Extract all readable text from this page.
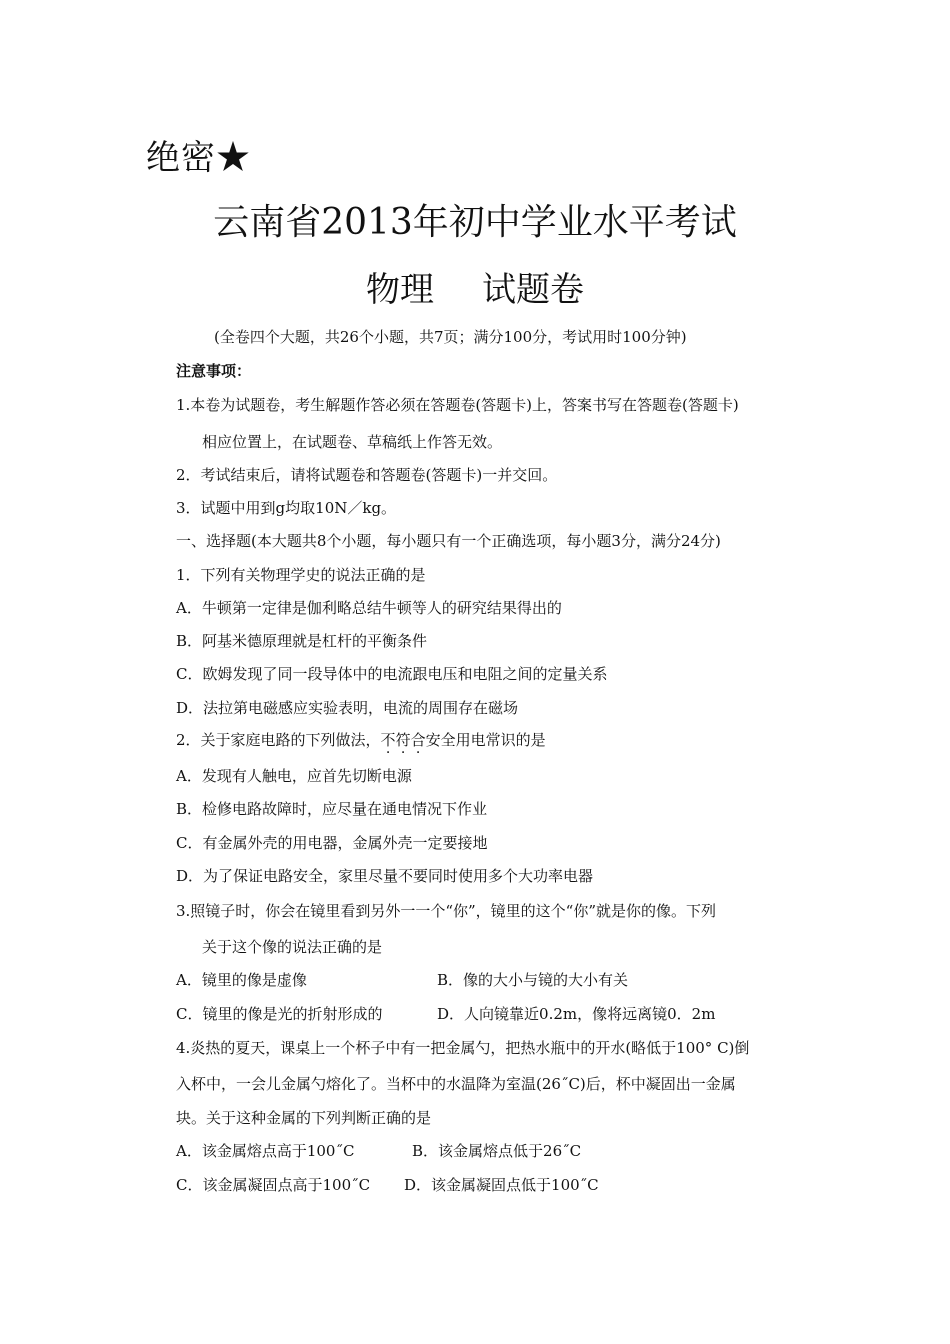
绝密★
云南省2013年初中学业水平考试
物理 试题卷
(全卷四个大题，共26个小题，共7页；满分100分，考试用时100分钟)
注意事项：
1.本卷为试题卷，考生解题作答必须在答题卷(答题卡)上，答案书写在答题卷(答题卡)
相应位置上，在试题卷、草稿纸上作答无效。
2．考试结束后，请将试题卷和答题卷(答题卡)一并交回。
3．试题中用到g均取10N／kg。
一、选择题(本大题共8个小题，每小题只有一个正确选项，每小题3分，满分24分)
1．下列有关物理学史的说法正确的是
A．牛顿第一定律是伽利略总结牛顿等人的研究结果得出的
B．阿基米德原理就是杠杆的平衡条件
C．欧姆发现了同一段导体中的电流跟电压和电阻之间的定量关系
D．法拉第电磁感应实验表明，电流的周围存在磁场
2．关于家庭电路的下列做法，不符合安全用电常识的是
A．发现有人触电，应首先切断电源
B．检修电路故障时，应尽量在通电情况下作业
C．有金属外壳的用电器，金属外壳一定要接地
D．为了保证电路安全，家里尽量不要同时使用多个大功率电器
3.照镜子时，你会在镜里看到另外一一个“你”，镜里的这个“你”就是你的像。下列
关于这个像的说法正确的是
A．镜里的像是虚像	B．像的大小与镜的大小有关
C．镜里的像是光的折射形成的	D．人向镜靠近0.2m，像将远离镜0．2m
4.炎热的夏天，课桌上一个杯子中有一把金属勺，把热水瓶中的开水(略低于100° C)倒
入杯中，一会儿金属勺熔化了。当杯中的水温降为室温(26˝C)后，杯中凝固出一金属
块。关于这种金属的下列判断正确的是
A．该金属熔点高于100˝C	B．该金属熔点低于26˝C
C．该金属凝固点高于100˝C D．该金属凝固点低于100˝C
